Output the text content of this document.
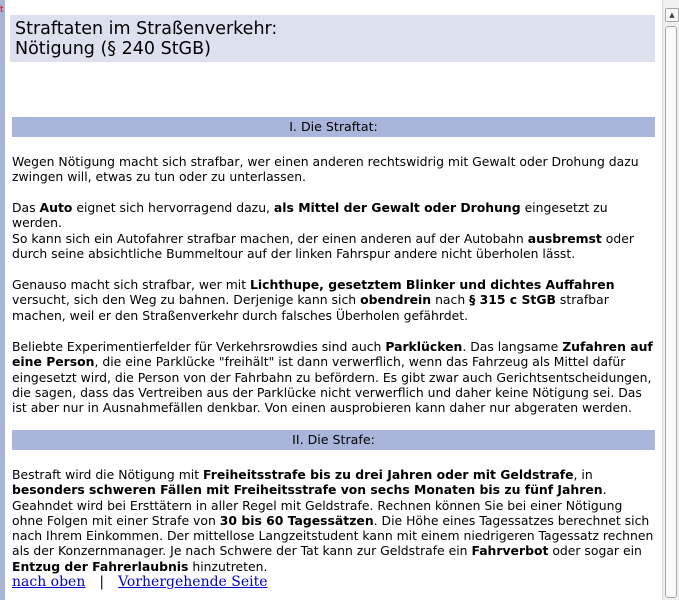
t
Straftaten im Straßenverkehr:
Nötigung (§ 240 StGB)
I. Die Straftat:
Wegen Nötigung macht sich strafbar, wer einen anderen rechtswidrig mit Gewalt oder Drohung dazu zwingen will, etwas zu tun oder zu unterlassen.
Das Auto eignet sich hervorragend dazu, als Mittel der Gewalt oder Drohung eingesetzt zu werden.
So kann sich ein Autofahrer strafbar machen, der einen anderen auf der Autobahn ausbremst oder durch seine absichtliche Bummeltour auf der linken Fahrspur andere nicht überholen lässt.
Genauso macht sich strafbar, wer mit Lichthupe, gesetztem Blinker und dichtes Auffahren versucht, sich den Weg zu bahnen. Derjenige kann sich obendrein nach § 315 c StGB strafbar machen, weil er den Straßenverkehr durch falsches Überholen gefährdet.
Beliebte Experimentierfelder für Verkehrsrowdies sind auch Parklücken. Das langsame Zufahren auf eine Person, die eine Parklücke "freihält" ist dann verwerflich, wenn das Fahrzeug als Mittel dafür eingesetzt wird, die Person von der Fahrbahn zu befördern. Es gibt zwar auch Gerichtsentscheidungen, die sagen, dass das Vertreiben aus der Parklücke nicht verwerflich und daher keine Nötigung sei. Das ist aber nur in Ausnahmefällen denkbar. Von einen ausprobieren kann daher nur abgeraten werden.
II. Die Strafe:
Bestraft wird die Nötigung mit Freiheitsstrafe bis zu drei Jahren oder mit Geldstrafe, in besonders schweren Fällen mit Freiheitsstrafe von sechs Monaten bis zu fünf Jahren. Geahndet wird bei Ersttätern in aller Regel mit Geldstrafe. Rechnen können Sie bei einer Nötigung ohne Folgen mit einer Strafe von 30 bis 60 Tagessätzen. Die Höhe eines Tagessatzes berechnet sich nach Ihrem Einkommen. Der mittellose Langzeitstudent kann mit einem niedrigeren Tagessatz rechnen als der Konzernmanager. Je nach Schwere der Tat kann zur Geldstrafe ein Fahrverbot oder sogar ein Entzug der Fahrerlaubnis hinzutreten.
nach oben | Vorhergehende Seite
▲
